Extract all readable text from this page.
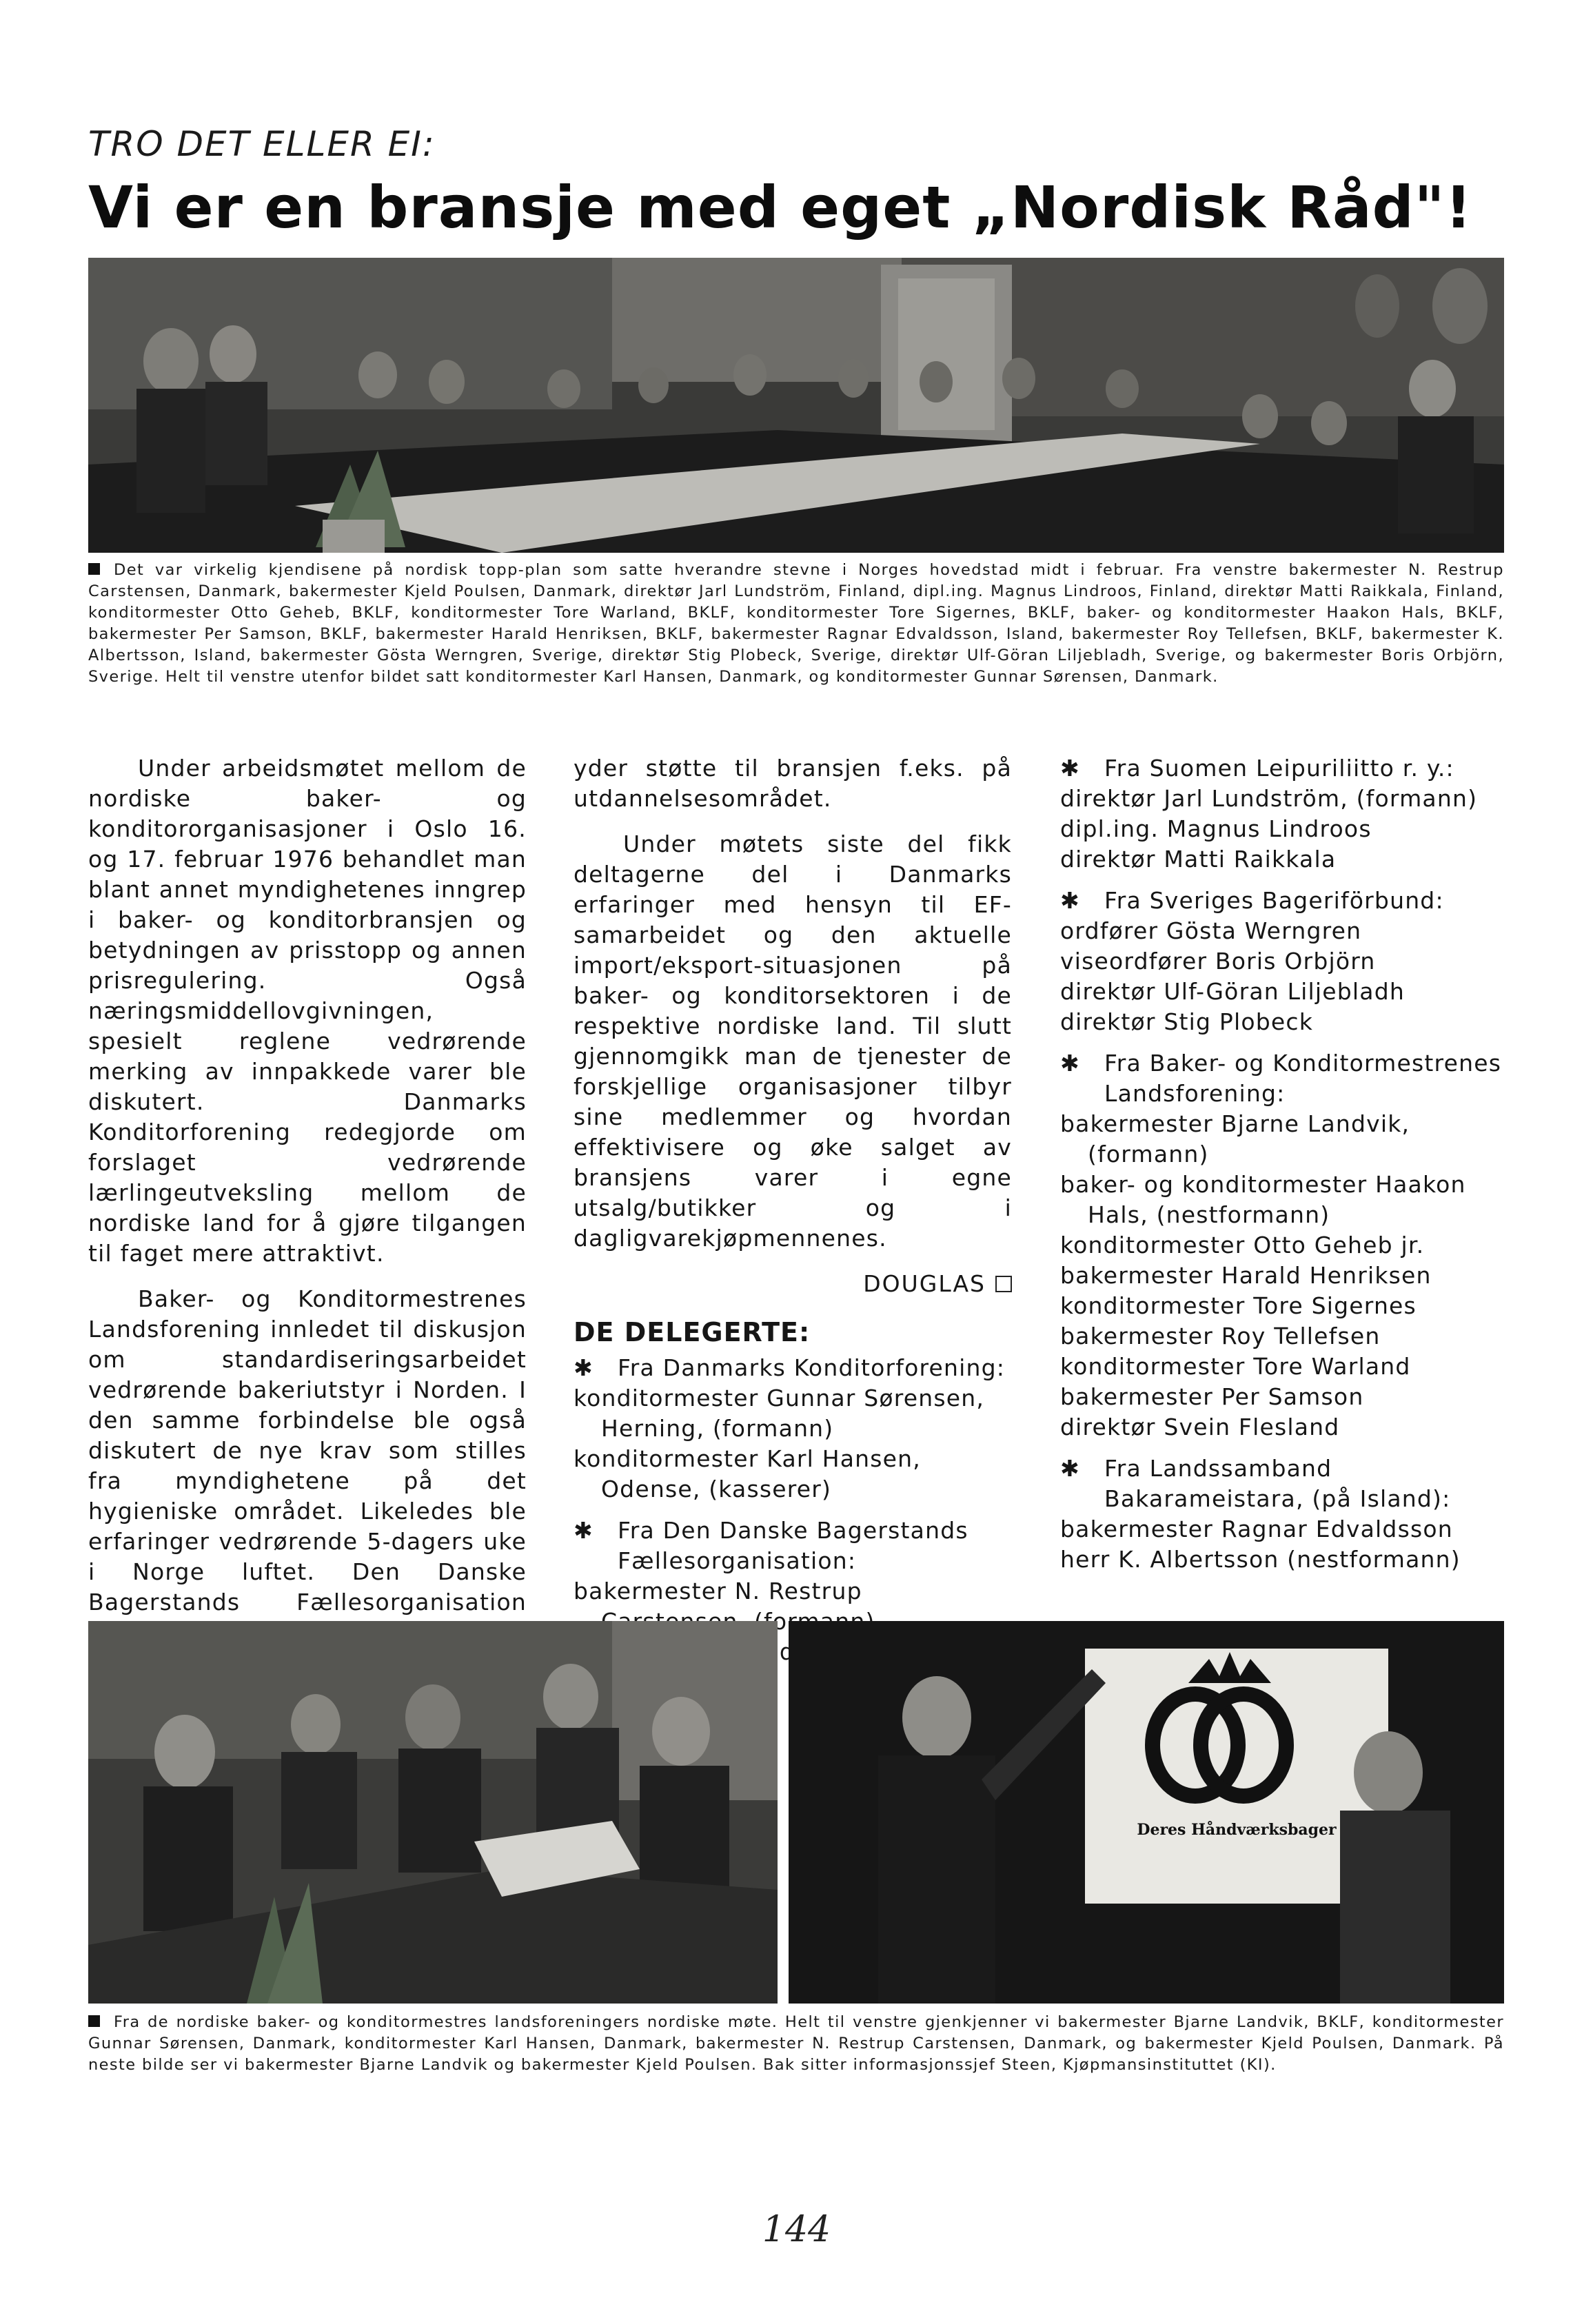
TRO DET ELLER EI:
Vi er en bransje med eget „Nordisk Råd"!
Det var virkelig kjendisene på nordisk topp-plan som satte hverandre stevne i Norges hovedstad midt i februar. Fra venstre bakermester N. Restrup Carstensen, Danmark, bakermester Kjeld Poulsen, Danmark, direktør Jarl Lundström, Finland, dipl.ing. Magnus Lindroos, Finland, direktør Matti Raikkala, Finland, konditormester Otto Geheb, BKLF, konditormester Tore Warland, BKLF, konditormester Tore Sigernes, BKLF, baker- og konditormester Haakon Hals, BKLF, bakermester Per Samson, BKLF, bakermester Harald Henriksen, BKLF, bakermester Ragnar Edvaldsson, Island, bakermester Roy Tellefsen, BKLF, bakermester K. Albertsson, Island, bakermester Gösta Werngren, Sverige, direktør Stig Plobeck, Sverige, direktør Ulf-Göran Liljebladh, Sverige, og bakermester Boris Orbjörn, Sverige. Helt til venstre utenfor bildet satt konditormester Karl Hansen, Danmark, og konditormester Gunnar Sørensen, Danmark.

Under arbeidsmøtet mellom de nordiske baker- og konditororganisasjoner i Oslo 16. og 17. februar 1976 behandlet man blant annet myndighetenes inngrep i baker- og konditorbransjen og betydningen av prisstopp og annen prisregulering. Også næringsmiddellovgivningen, spesielt reglene vedrørende merking av innpakkede varer ble diskutert. Danmarks Konditorforening redegjorde om forslaget vedrørende lærlingeutveksling mellom de nordiske land for å gjøre tilgangen til faget mere attraktivt.

Baker- og Konditormestrenes Landsforening innledet til diskusjon om standardiseringsarbeidet vedrørende bakeriutstyr i Norden. I den samme forbindelse ble også diskutert de nye krav som stilles fra myndighetene på det hygieniske området. Likeledes ble erfaringer vedrørende 5-dagers uke i Norge luftet. Den Danske Bagerstands Fællesorganisation

yder støtte til bransjen f.eks. på utdannelsesområdet.

Under møtets siste del fikk deltagerne del i Danmarks erfaringer med hensyn til EF-samarbeidet og den aktuelle import/eksport-situasjonen på baker- og konditorsektoren i de respektive nordiske land. Til slutt gjennomgikk man de tjenester de forskjellige organisasjoner tilbyr sine medlemmer og hvordan effektivisere og øke salget av bransjens varer i egne utsalg/butikker og i dagligvarekjøpmennenes.

DOUGLAS
DE DELEGERTE:
✱ Fra Danmarks Konditorforening:
konditormester Gunnar Sørensen, Herning, (formann)
konditormester Karl Hansen, Odense, (kasserer)
✱ Fra Den Danske Bagerstands Fællesorganisation:
bakermester N. Restrup
✱ Fra Suomen Leipuriliitto r. y.:
direktør Jarl Lundström, (formann)
dipl.ing. Magnus Lindroos
direktør Matti Raikkala
✱ Fra Sveriges Bageriförbund:
ordfører Gösta Werngren
viseordfører Boris Orbjörn
direktør Ulf-Göran Liljebladh
direktør Stig Plobeck
✱ Fra Baker- og Konditormestrenes Landsforening:
bakermester Bjarne Landvik, (formann)
baker- og konditormester Haakon Hals, (nestformann)
konditormester Otto Geheb jr.
bakermester Harald Henriksen
konditormester Tore Sigernes
bakermester Roy Tellefsen
konditormester Tore Warland
bakermester Per Samson
direktør Svein Flesland
✱ Fra Landssamband Bakarameistara, (på Island):
bakermester Ragnar Edvaldsson
herr K. Albertsson (nestformann)
Deres Håndværksbager
Fra de nordiske baker- og konditormestres landsforeningers nordiske møte. Helt til venstre gjenkjenner vi bakermester Bjarne Landvik, BKLF, konditormester Gunnar Sørensen, Danmark, konditormester Karl Hansen, Danmark, bakermester N. Restrup Carstensen, Danmark, og bakermester Kjeld Poulsen, Danmark. På neste bilde ser vi bakermester Bjarne Landvik og bakermester Kjeld Poulsen. Bak sitter informasjonssjef Steen, Kjøpmansinstituttet (KI).
144
